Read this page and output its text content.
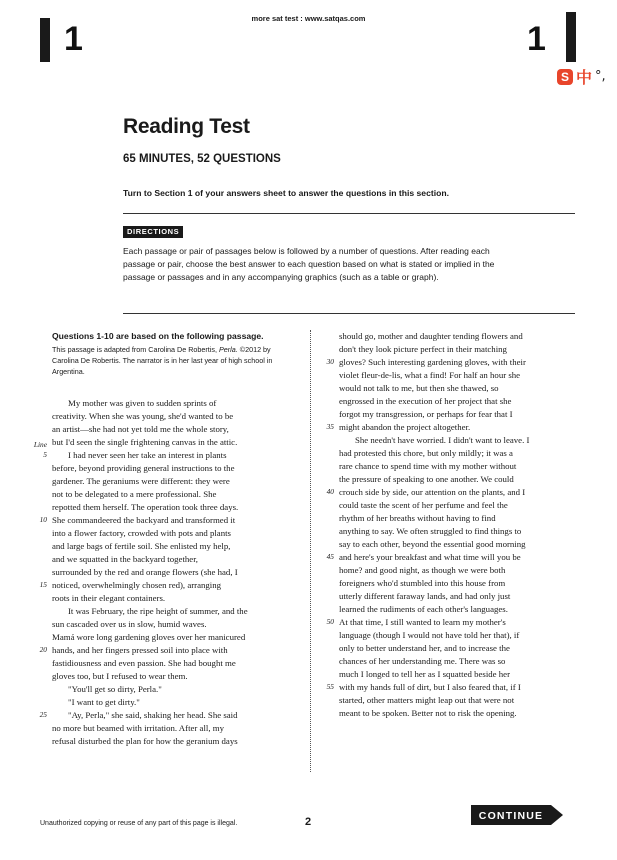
1	1
more sat test : www.satqas.com
S 中 °,
Reading Test
65 MINUTES, 52 QUESTIONS
Turn to Section 1 of your answers sheet to answer the questions in this section.
DIRECTIONS
Each passage or pair of passages below is followed by a number of questions. After reading each passage or pair, choose the best answer to each question based on what is stated or implied in the passage or passages and in any accompanying graphics (such as a table or graph).

Questions 1-10 are based on the following passage.

This passage is adapted from Carolina De Robertis, Perla. ©2012 by Carolina De Robertis. The narrator is in her last year of high school in Argentina.

My mother was given to sudden sprints of

creativity. When she was young, she'd wanted to be

an artist—she had not yet told me the whole story,

but I'd seen the single frightening canvas in the attic.

I had never seen her take an interest in plants

before, beyond providing general instructions to the

gardener. The geraniums were different: they were

not to be delegated to a mere professional. She

repotted them herself. The operation took three days.

She commandeered the backyard and transformed it

into a flower factory, crowded with pots and plants

and large bags of fertile soil. She enlisted my help,

and we squatted in the backyard together,

surrounded by the red and orange flowers (she had, I

noticed, overwhelmingly chosen red), arranging

roots in their elegant containers.

It was February, the ripe height of summer, and the

sun cascaded over us in slow, humid waves.

Mamá wore long gardening gloves over her manicured

hands, and her fingers pressed soil into place with

fastidiousness and even passion. She had bought me

gloves too, but I refused to wear them.

"You'll get so dirty, Perla."

"I want to get dirty."

"Ay, Perla," she said, shaking her head. She said

no more but beamed with irritation. After all, my

refusal disturbed the plan for how the geranium days

Line
5
10
15
20
25

should go, mother and daughter tending flowers and

don't they look picture perfect in their matching

gloves? Such interesting gardening gloves, with their

violet fleur-de-lis, what a find! For half an hour she

would not talk to me, but then she thawed, so

engrossed in the execution of her project that she

forgot my transgression, or perhaps for fear that I

might abandon the project altogether.

She needn't have worried. I didn't want to leave. I

had protested this chore, but only mildly; it was a

rare chance to spend time with my mother without

the pressure of speaking to one another. We could

crouch side by side, our attention on the plants, and I

could taste the scent of her perfume and feel the

rhythm of her breaths without having to find

anything to say. We often struggled to find things to

say to each other, beyond the essential good morning

and here's your breakfast and what time will you be

home? and good night, as though we were both

foreigners who'd stumbled into this house from

utterly different faraway lands, and had only just

learned the rudiments of each other's languages.

At that time, I still wanted to learn my mother's

language (though I would not have told her that), if

only to better understand her, and to increase the

chances of her understanding me. There was so

much I longed to tell her as I squatted beside her

with my hands full of dirt, but I also feared that, if I

started, other matters might leap out that were not

meant to be spoken. Better not to risk the opening.

30
35
40
45
50
55
Unauthorized copying or reuse of any part of this page is illegal.	2	CONTINUE
